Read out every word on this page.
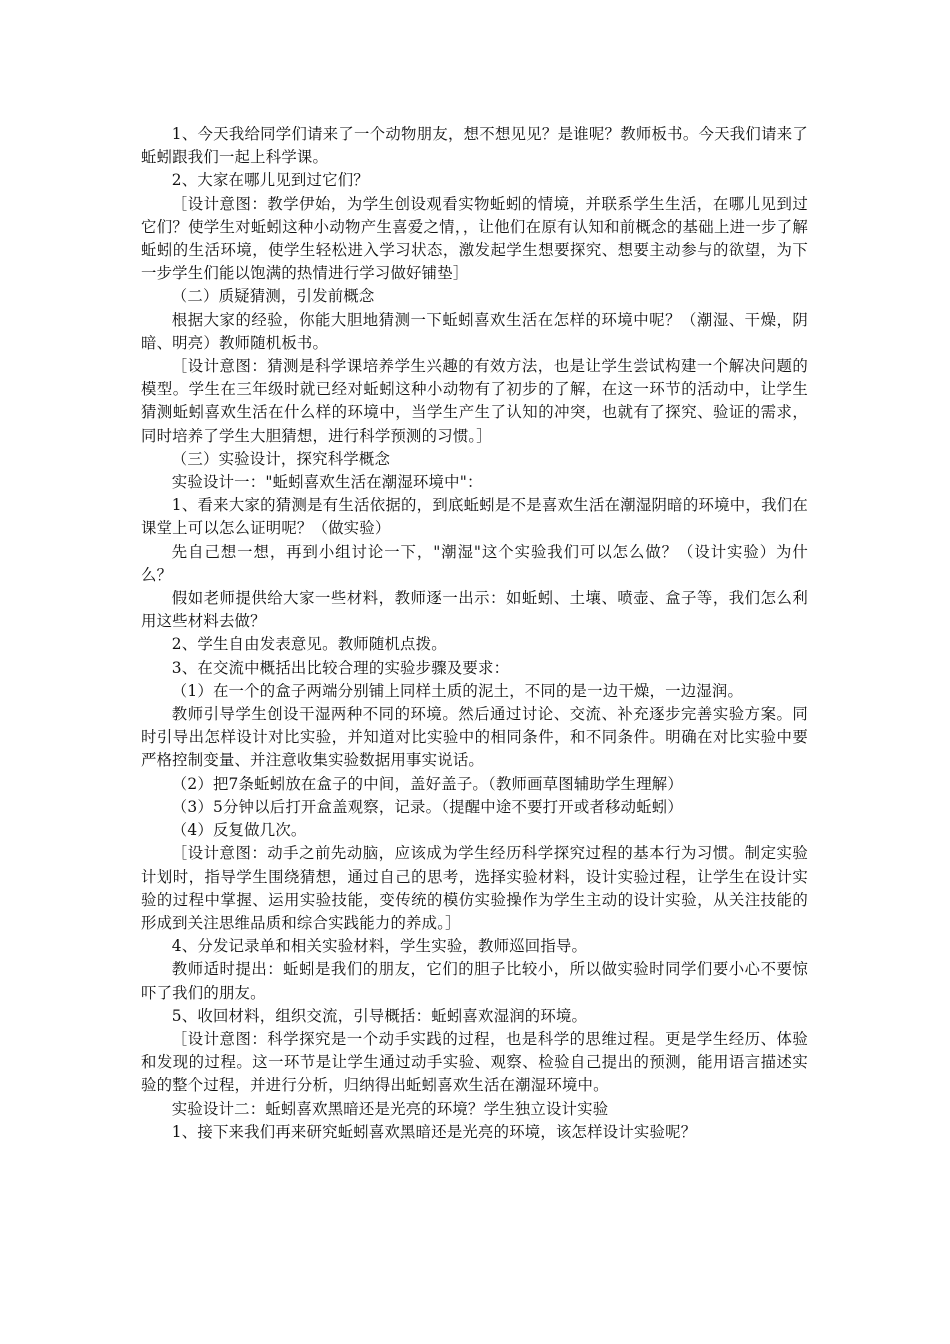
1、今天我给同学们请来了一个动物朋友，想不想见见？是谁呢？教师板书。今天我们请来了蚯蚓跟我们一起上科学课。

2、大家在哪儿见到过它们？

［设计意图：教学伊始，为学生创设观看实物蚯蚓的情境，并联系学生生活，在哪儿见到过它们？使学生对蚯蚓这种小动物产生喜爱之情，，让他们在原有认知和前概念的基础上进一步了解蚯蚓的生活环境，使学生轻松进入学习状态，激发起学生想要探究、想要主动参与的欲望，为下一步学生们能以饱满的热情进行学习做好铺垫］

（二）质疑猜测，引发前概念

根据大家的经验，你能大胆地猜测一下蚯蚓喜欢生活在怎样的环境中呢？（潮湿、干燥，阴暗、明亮）教师随机板书。

［设计意图：猜测是科学课培养学生兴趣的有效方法，也是让学生尝试构建一个解决问题的模型。学生在三年级时就已经对蚯蚓这种小动物有了初步的了解，在这一环节的活动中，让学生猜测蚯蚓喜欢生活在什么样的环境中，当学生产生了认知的冲突，也就有了探究、验证的需求，同时培养了学生大胆猜想，进行科学预测的习惯。］

（三）实验设计，探究科学概念

实验设计一："蚯蚓喜欢生活在潮湿环境中"：

1、看来大家的猜测是有生活依据的，到底蚯蚓是不是喜欢生活在潮湿阴暗的环境中，我们在课堂上可以怎么证明呢？（做实验）

先自己想一想，再到小组讨论一下，"潮湿"这个实验我们可以怎么做？（设计实验）为什么？

假如老师提供给大家一些材料，教师逐一出示：如蚯蚓、土壤、喷壶、盒子等，我们怎么利用这些材料去做？

2、学生自由发表意见。教师随机点拨。

3、在交流中概括出比较合理的实验步骤及要求：

（1）在一个的盒子两端分别铺上同样土质的泥土，不同的是一边干燥，一边湿润。

教师引导学生创设干湿两种不同的环境。然后通过讨论、交流、补充逐步完善实验方案。同时引导出怎样设计对比实验，并知道对比实验中的相同条件，和不同条件。明确在对比实验中要严格控制变量、并注意收集实验数据用事实说话。

（2）把7条蚯蚓放在盒子的中间，盖好盖子。（教师画草图辅助学生理解）

（3）5分钟以后打开盒盖观察，记录。（提醒中途不要打开或者移动蚯蚓）

（4）反复做几次。

［设计意图：动手之前先动脑，应该成为学生经历科学探究过程的基本行为习惯。制定实验计划时，指导学生围绕猜想，通过自己的思考，选择实验材料，设计实验过程，让学生在设计实验的过程中掌握、运用实验技能，变传统的模仿实验操作为学生主动的设计实验，从关注技能的形成到关注思维品质和综合实践能力的养成。］

4、分发记录单和相关实验材料，学生实验，教师巡回指导。

教师适时提出：蚯蚓是我们的朋友，它们的胆子比较小，所以做实验时同学们要小心不要惊吓了我们的朋友。

5、收回材料，组织交流，引导概括：蚯蚓喜欢湿润的环境。

［设计意图：科学探究是一个动手实践的过程，也是科学的思维过程。更是学生经历、体验和发现的过程。这一环节是让学生通过动手实验、观察、检验自己提出的预测，能用语言描述实验的整个过程，并进行分析，归纳得出蚯蚓喜欢生活在潮湿环境中。

实验设计二：蚯蚓喜欢黑暗还是光亮的环境？学生独立设计实验

1、接下来我们再来研究蚯蚓喜欢黑暗还是光亮的环境，该怎样设计实验呢？
